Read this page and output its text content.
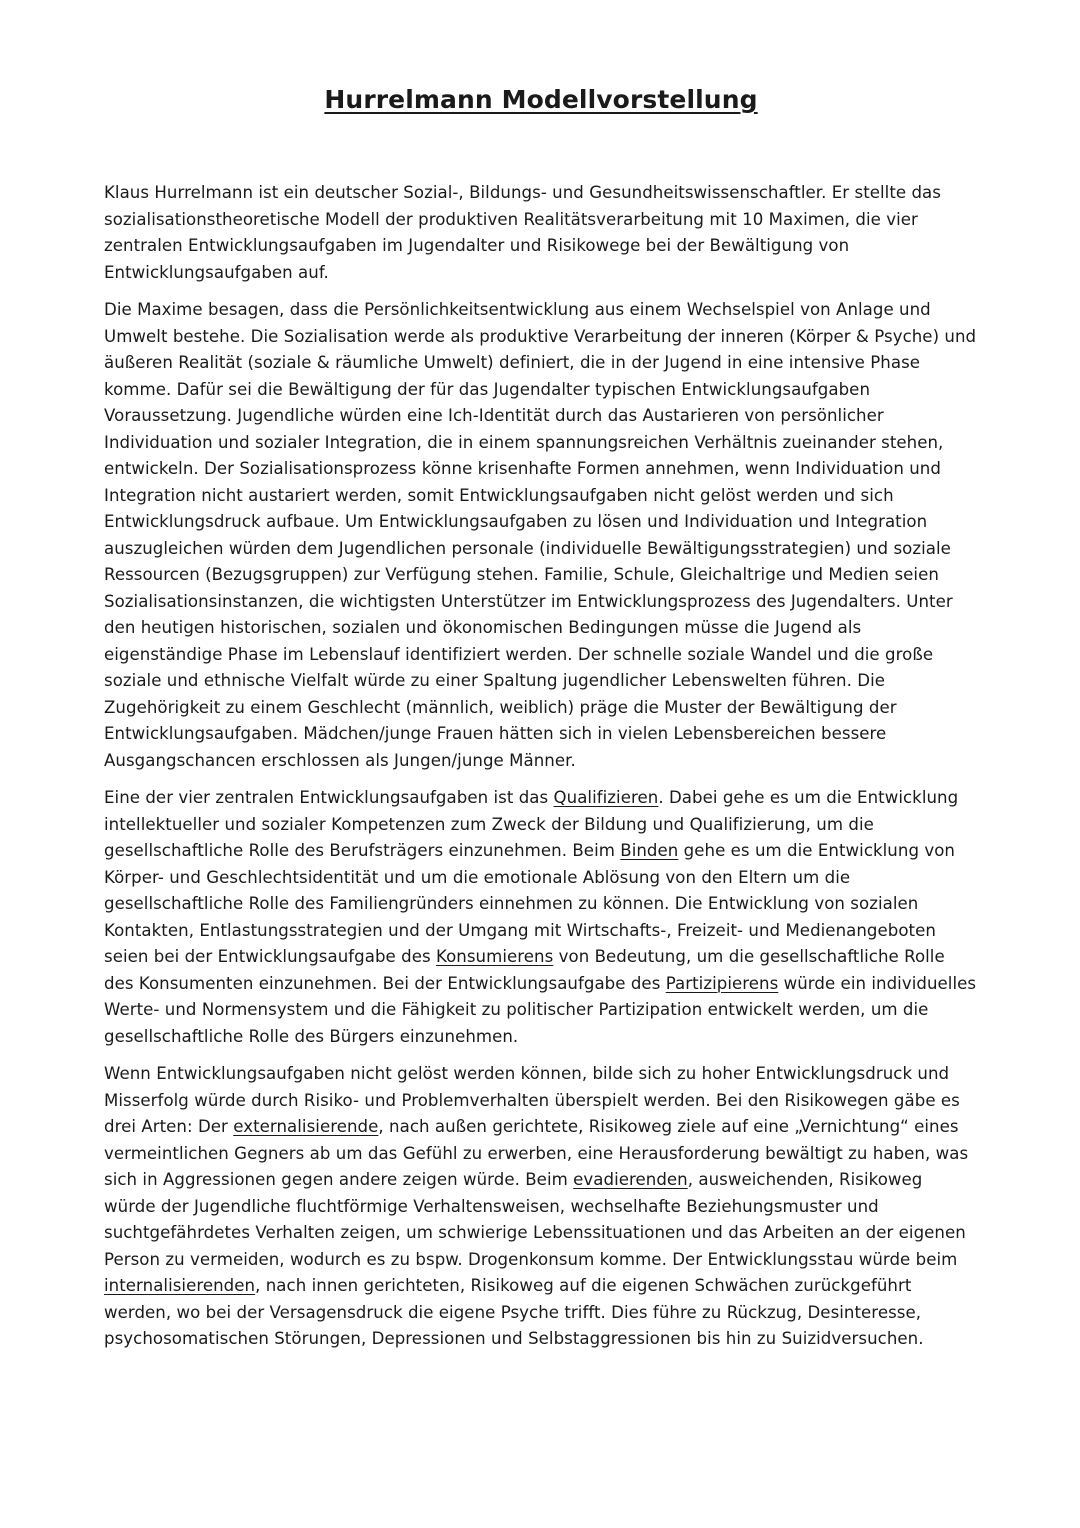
Hurrelmann Modellvorstellung

Klaus Hurrelmann ist ein deutscher Sozial-, Bildungs- und Gesundheitswissenschaftler. Er stellte das sozialisationstheoretische Modell der produktiven Realitätsverarbeitung mit 10 Maximen, die vier zentralen Entwicklungsaufgaben im Jugendalter und Risikowege bei der Bewältigung von Entwicklungsaufgaben auf.

Die Maxime besagen, dass die Persönlichkeitsentwicklung aus einem Wechselspiel von Anlage und Umwelt bestehe. Die Sozialisation werde als produktive Verarbeitung der inneren (Körper & Psyche) und äußeren Realität (soziale & räumliche Umwelt) definiert, die in der Jugend in eine intensive Phase komme. Dafür sei die Bewältigung der für das Jugendalter typischen Entwicklungsaufgaben Voraussetzung. Jugendliche würden eine Ich-Identität durch das Austarieren von persönlicher Individuation und sozialer Integration, die in einem spannungsreichen Verhältnis zueinander stehen, entwickeln. Der Sozialisationsprozess könne krisenhafte Formen annehmen, wenn Individuation und Integration nicht austariert werden, somit Entwicklungsaufgaben nicht gelöst werden und sich Entwicklungsdruck aufbaue. Um Entwicklungsaufgaben zu lösen und Individuation und Integration auszugleichen würden dem Jugendlichen personale (individuelle Bewältigungsstrategien) und soziale Ressourcen (Bezugsgruppen) zur Verfügung stehen. Familie, Schule, Gleichaltrige und Medien seien Sozialisationsinstanzen, die wichtigsten Unterstützer im Entwicklungsprozess des Jugendalters. Unter den heutigen historischen, sozialen und ökonomischen Bedingungen müsse die Jugend als eigenständige Phase im Lebenslauf identifiziert werden. Der schnelle soziale Wandel und die große soziale und ethnische Vielfalt würde zu einer Spaltung jugendlicher Lebenswelten führen. Die Zugehörigkeit zu einem Geschlecht (männlich, weiblich) präge die Muster der Bewältigung der Entwicklungsaufgaben. Mädchen/junge Frauen hätten sich in vielen Lebensbereichen bessere Ausgangschancen erschlossen als Jungen/junge Männer.

Eine der vier zentralen Entwicklungsaufgaben ist das Qualifizieren. Dabei gehe es um die Entwicklung intellektueller und sozialer Kompetenzen zum Zweck der Bildung und Qualifizierung, um die gesellschaftliche Rolle des Berufsträgers einzunehmen. Beim Binden gehe es um die Entwicklung von Körper- und Geschlechtsidentität und um die emotionale Ablösung von den Eltern um die gesellschaftliche Rolle des Familiengründers einnehmen zu können. Die Entwicklung von sozialen Kontakten, Entlastungsstrategien und der Umgang mit Wirtschafts-, Freizeit- und Medienangeboten seien bei der Entwicklungsaufgabe des Konsumierens von Bedeutung, um die gesellschaftliche Rolle des Konsumenten einzunehmen. Bei der Entwicklungsaufgabe des Partizipierens würde ein individuelles Werte- und Normensystem und die Fähigkeit zu politischer Partizipation entwickelt werden, um die gesellschaftliche Rolle des Bürgers einzunehmen.

Wenn Entwicklungsaufgaben nicht gelöst werden können, bilde sich zu hoher Entwicklungsdruck und Misserfolg würde durch Risiko- und Problemverhalten überspielt werden. Bei den Risikowegen gäbe es drei Arten: Der externalisierende, nach außen gerichtete, Risikoweg ziele auf eine „Vernichtung“ eines vermeintlichen Gegners ab um das Gefühl zu erwerben, eine Herausforderung bewältigt zu haben, was sich in Aggressionen gegen andere zeigen würde. Beim evadierenden, ausweichenden, Risikoweg würde der Jugendliche fluchtförmige Verhaltensweisen, wechselhafte Beziehungsmuster und suchtgefährdetes Verhalten zeigen, um schwierige Lebenssituationen und das Arbeiten an der eigenen Person zu vermeiden, wodurch es zu bspw. Drogenkonsum komme. Der Entwicklungsstau würde beim internalisierenden, nach innen gerichteten, Risikoweg auf die eigenen Schwächen zurückgeführt werden, wo bei der Versagensdruck die eigene Psyche trifft. Dies führe zu Rückzug, Desinteresse, psychosomatischen Störungen, Depressionen und Selbstaggressionen bis hin zu Suizidversuchen.
